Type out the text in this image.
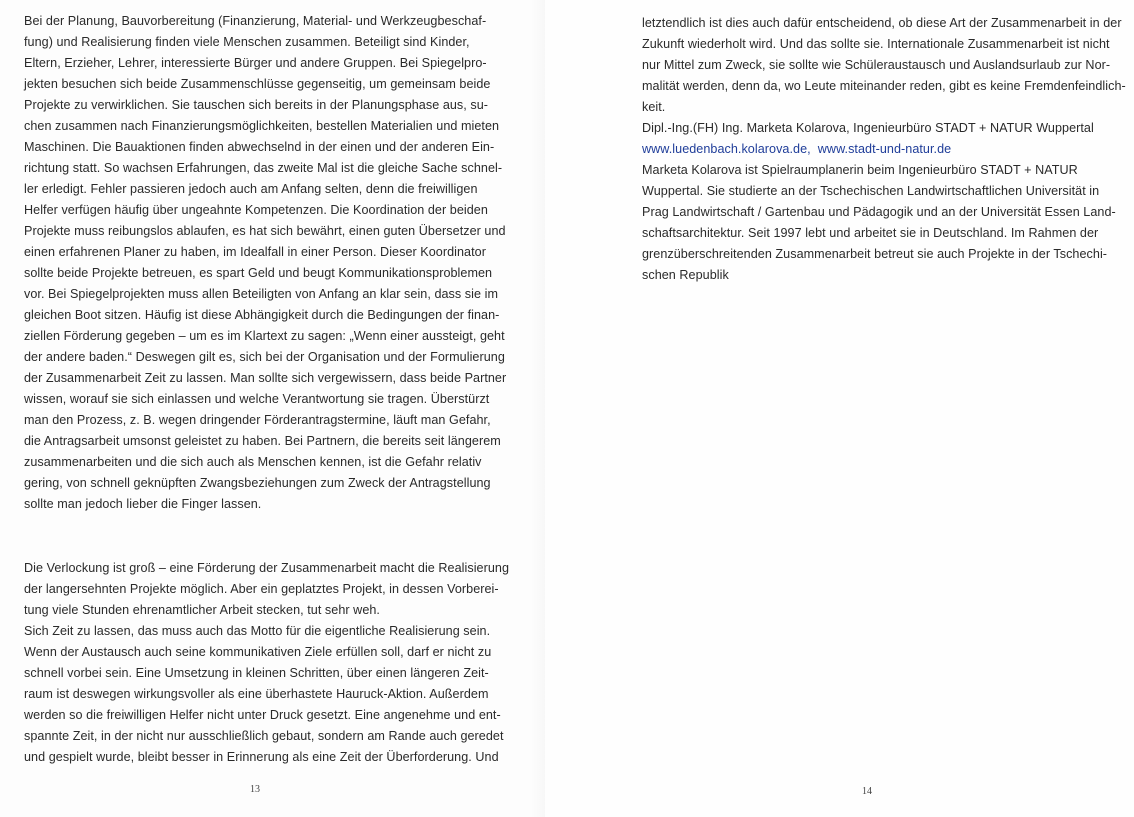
Bei der Planung, Bauvorbereitung (Finanzierung, Material- und Werkzeugbeschaf-
fung) und Realisierung finden viele Menschen zusammen. Beteiligt sind Kinder,
Eltern, Erzieher, Lehrer, interessierte Bürger und andere Gruppen. Bei Spiegelpro-
jekten besuchen sich beide Zusammenschlüsse gegenseitig, um gemeinsam beide
Projekte zu verwirklichen. Sie tauschen sich bereits in der Planungsphase aus, su-
chen zusammen nach Finanzierungsmöglichkeiten, bestellen Materialien und mieten
Maschinen. Die Bauaktionen finden abwechselnd in der einen und der anderen Ein-
richtung statt. So wachsen Erfahrungen, das zweite Mal ist die gleiche Sache schnel-
ler erledigt. Fehler passieren jedoch auch am Anfang selten, denn die freiwilligen
Helfer verfügen häufig über ungeahnte Kompetenzen. Die Koordination der beiden
Projekte muss reibungslos ablaufen, es hat sich bewährt, einen guten Übersetzer und
einen erfahrenen Planer zu haben, im Idealfall in einer Person. Dieser Koordinator
sollte beide Projekte betreuen, es spart Geld und beugt Kommunikationsproblemen
vor. Bei Spiegelprojekten muss allen Beteiligten von Anfang an klar sein, dass sie im
gleichen Boot sitzen. Häufig ist diese Abhängigkeit durch die Bedingungen der finan-
ziellen Förderung gegeben – um es im Klartext zu sagen: „Wenn einer aussteigt, geht
der andere baden.“ Deswegen gilt es, sich bei der Organisation und der Formulierung
der Zusammenarbeit Zeit zu lassen. Man sollte sich vergewissern, dass beide Partner
wissen, worauf sie sich einlassen und welche Verantwortung sie tragen. Überstürzt
man den Prozess, z. B. wegen dringender Förderantragstermine, läuft man Gefahr,
die Antragsarbeit umsonst geleistet zu haben. Bei Partnern, die bereits seit längerem
zusammenarbeiten und die sich auch als Menschen kennen, ist die Gefahr relativ
gering, von schnell geknüpften Zwangsbeziehungen zum Zweck der Antragstellung
sollte man jedoch lieber die Finger lassen.
Die Verlockung ist groß – eine Förderung der Zusammenarbeit macht die Realisierung
der langersehnten Projekte möglich. Aber ein geplatztes Projekt, in dessen Vorberei-
tung viele Stunden ehrenamtlicher Arbeit stecken, tut sehr weh.
Sich Zeit zu lassen, das muss auch das Motto für die eigentliche Realisierung sein.
Wenn der Austausch auch seine kommunikativen Ziele erfüllen soll, darf er nicht zu
schnell vorbei sein. Eine Umsetzung in kleinen Schritten, über einen längeren Zeit-
raum ist deswegen wirkungsvoller als eine überhastete Hauruck-Aktion. Außerdem
werden so die freiwilligen Helfer nicht unter Druck gesetzt. Eine angenehme und ent-
spannte Zeit, in der nicht nur ausschließlich gebaut, sondern am Rande auch geredet
und gespielt wurde, bleibt besser in Erinnerung als eine Zeit der Überforderung. Und
13
letztendlich ist dies auch dafür entscheidend, ob diese Art der Zusammenarbeit in der
Zukunft wiederholt wird. Und das sollte sie. Internationale Zusammenarbeit ist nicht
nur Mittel zum Zweck, sie sollte wie Schüleraustausch und Auslandsurlaub zur Nor-
malität werden, denn da, wo Leute miteinander reden, gibt es keine Fremdenfeindlich-
keit.
Dipl.-Ing.(FH) Ing. Marketa Kolarova, Ingenieurbüro STADT + NATUR Wuppertal
www.luedenbach.kolarova.de, www.stadt-und-natur.de
Marketa Kolarova ist Spielraumplanerin beim Ingenieurbüro STADT + NATUR
Wuppertal. Sie studierte an der Tschechischen Landwirtschaftlichen Universität in
Prag Landwirtschaft / Gartenbau und Pädagogik und an der Universität Essen Land-
schaftsarchitektur. Seit 1997 lebt und arbeitet sie in Deutschland. Im Rahmen der
grenzüberschreitenden Zusammenarbeit betreut sie auch Projekte in der Tschechi-
schen Republik
14
